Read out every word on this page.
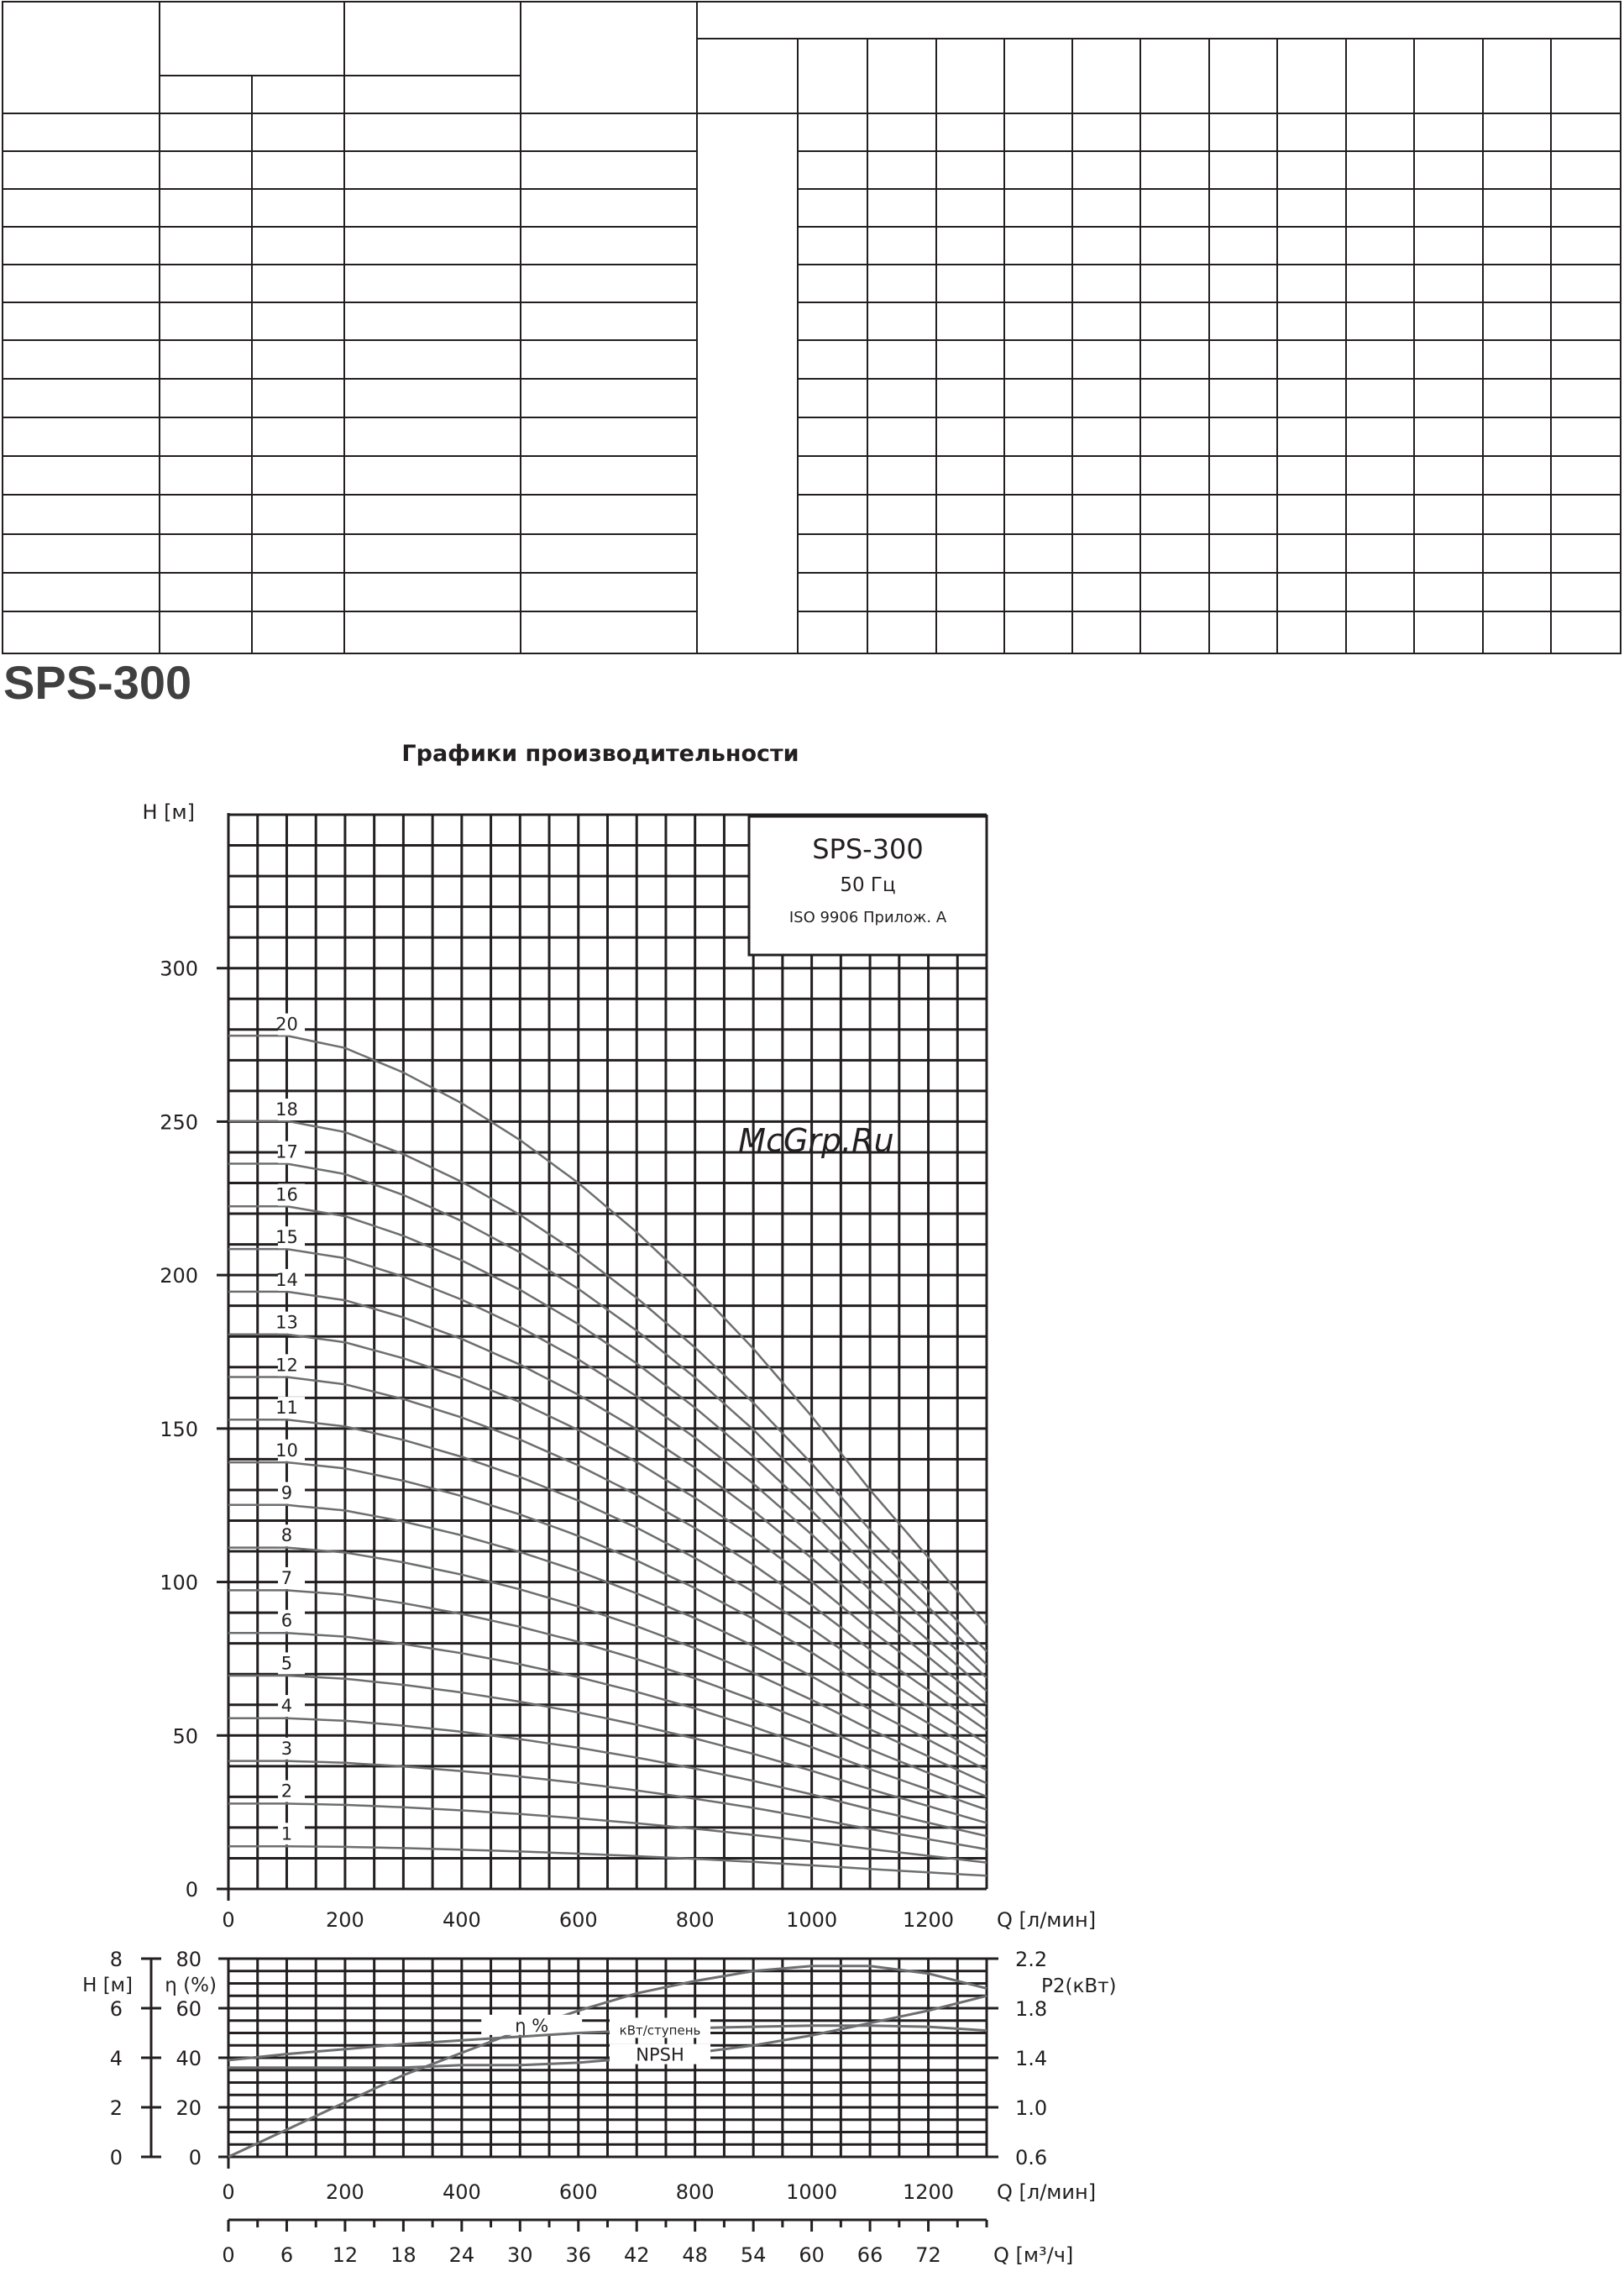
SPS-300
Графики производительности
0
50
100
150
200
250
300
0	200	400	600	800	1000	1200
H [м]
Q [л/мин]
20
18
17
16
15
14
13
12
11
10
9
8
7
6
5
4
3
2
1
SPS-300
50 Гц
ISO 9906 Прилож. A
0
20
40
60
80
0
2
4
6
8
0.6
1.0
1.4
1.8
2.2
H [м] η (%)	P2(кВт)
0	200	400	600	800	1000	1200 Q [л/мин]
η %	кВт/ступень
NPSH
0 6 12 18 24 30 36 42 48 54 60 66 72	Q [м³/ч]
McGrp.Ru
